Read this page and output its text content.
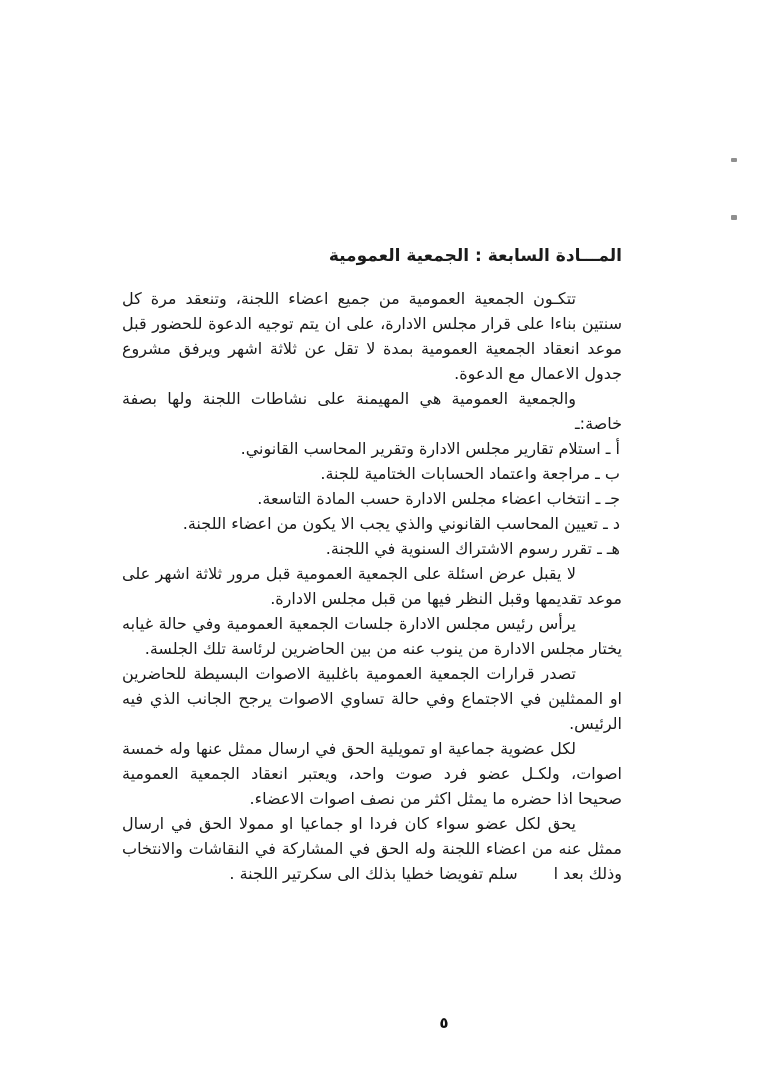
المـــادة السابعة : الجمعية العمومية
تتكـون الجمعية العمومية من جميع اعضاء اللجنة، وتنعقد مرة كل
سنتين بناءا على قرار مجلس الادارة، على ان يتم توجيه الدعوة للحضور قبل
موعد انعقاد الجمعية العمومية بمدة لا تقل عن ثلاثة اشهر ويرفق مشروع
جدول الاعمال مع الدعوة.
والجمعية العمومية هي المهيمنة على نشاطات اللجنة ولها بصفة
خاصة:ـ
أ ـ استلام تقارير مجلس الادارة وتقرير المحاسب القانوني.
ب ـ مراجعة واعتماد الحسابات الختامية للجنة.
جـ ـ انتخاب اعضاء مجلس الادارة حسب المادة التاسعة.
د ـ تعيين المحاسب القانوني والذي يجب الا يكون من اعضاء اللجنة.
هـ ـ تقرر رسوم الاشتراك السنوية في اللجنة.
لا يقبل عرض اسئلة على الجمعية العمومية قبل مرور ثلاثة اشهر على
موعد تقديمها وقبل النظر فيها من قبل مجلس الادارة.
يرأس رئيس مجلس الادارة جلسات الجمعية العمومية وفي حالة غيابه
يختار مجلس الادارة من ينوب عنه من بين الحاضرين لرئاسة تلك الجلسة.
تصدر قرارات الجمعية العمومية باغلبية الاصوات البسيطة للحاضرين
او الممثلين في الاجتماع وفي حالة تساوي الاصوات يرجح الجانب الذي فيه
الرئيس.
لكل عضوية جماعية او تمويلية الحق في ارسال ممثل عنها وله خمسة
اصوات، ولكـل عضو فرد صوت واحد، ويعتبر انعقاد الجمعية العمومية
صحيحا اذا حضره ما يمثل اكثر من نصف اصوات الاعضاء.
يحق لكل عضو سواء كان فردا او جماعيا او ممولا الحق في ارسال
ممثل عنه من اعضاء اللجنة وله الحق في المشاركة في النقاشات والانتخاب
وذلك بعد اسلم تفويضا خطيا بذلك الى سكرتير اللجنة .
٥
